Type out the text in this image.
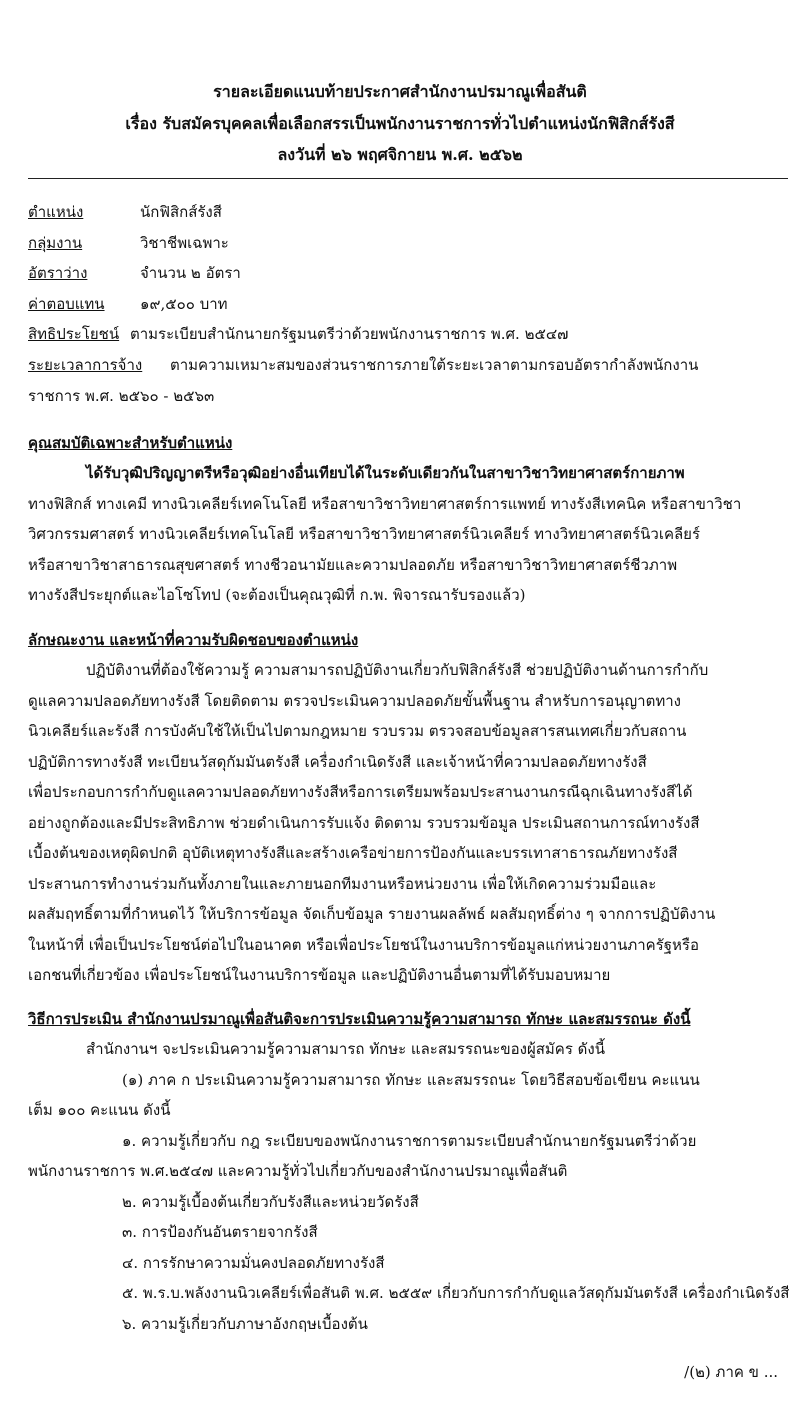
รายละเอียดแนบท้ายประกาศสำนักงานปรมาณูเพื่อสันติ
เรื่อง รับสมัครบุคคลเพื่อเลือกสรรเป็นพนักงานราชการทั่วไปตำแหน่งนักฟิสิกส์รังสี
ลงวันที่ ๒๖ พฤศจิกายน พ.ศ. ๒๕๖๒
ตำแหน่ง	นักฟิสิกส์รังสี
กลุ่มงาน	วิชาชีพเฉพาะ
อัตราว่าง	จำนวน ๒ อัตรา
ค่าตอบแทน ๑๙,๕๐๐ บาท
สิทธิประโยชน์ ตามระเบียบสำนักนายกรัฐมนตรีว่าด้วยพนักงานราชการ พ.ศ. ๒๕๔๗
ระยะเวลาการจ้าง ตามความเหมาะสมของส่วนราชการภายใต้ระยะเวลาตามกรอบอัตรากำลังพนักงาน
ราชการ พ.ศ. ๒๕๖๐ - ๒๕๖๓
คุณสมบัติเฉพาะสำหรับตำแหน่ง
ได้รับวุฒิปริญญาตรีหรือวุฒิอย่างอื่นเทียบได้ในระดับเดียวกันในสาขาวิชาวิทยาศาสตร์กายภาพ
ทางฟิสิกส์ ทางเคมี ทางนิวเคลียร์เทคโนโลยี หรือสาขาวิชาวิทยาศาสตร์การแพทย์ ทางรังสีเทคนิค หรือสาขาวิชา
วิศวกรรมศาสตร์ ทางนิวเคลียร์เทคโนโลยี หรือสาขาวิชาวิทยาศาสตร์นิวเคลียร์ ทางวิทยาศาสตร์นิวเคลียร์
หรือสาขาวิชาสาธารณสุขศาสตร์ ทางชีวอนามัยและความปลอดภัย หรือสาขาวิชาวิทยาศาสตร์ชีวภาพ
ทางรังสีประยุกต์และไอโซโทป (จะต้องเป็นคุณวุฒิที่ ก.พ. พิจารณารับรองแล้ว)
ลักษณะงาน และหน้าที่ความรับผิดชอบของตำแหน่ง
ปฏิบัติงานที่ต้องใช้ความรู้ ความสามารถปฏิบัติงานเกี่ยวกับฟิสิกส์รังสี ช่วยปฏิบัติงานด้านการกำกับ
ดูแลความปลอดภัยทางรังสี โดยติดตาม ตรวจประเมินความปลอดภัยขั้นพื้นฐาน สำหรับการอนุญาตทาง
นิวเคลียร์และรังสี การบังคับใช้ให้เป็นไปตามกฎหมาย รวบรวม ตรวจสอบข้อมูลสารสนเทศเกี่ยวกับสถาน
ปฏิบัติการทางรังสี ทะเบียนวัสดุกัมมันตรังสี เครื่องกำเนิดรังสี และเจ้าหน้าที่ความปลอดภัยทางรังสี
เพื่อประกอบการกำกับดูแลความปลอดภัยทางรังสีหรือการเตรียมพร้อมประสานงานกรณีฉุกเฉินทางรังสีได้
อย่างถูกต้องและมีประสิทธิภาพ ช่วยดำเนินการรับแจ้ง ติดตาม รวบรวมข้อมูล ประเมินสถานการณ์ทางรังสี
เบื้องต้นของเหตุผิดปกติ อุบัติเหตุทางรังสีและสร้างเครือข่ายการป้องกันและบรรเทาสาธารณภัยทางรังสี
ประสานการทำงานร่วมกันทั้งภายในและภายนอกทีมงานหรือหน่วยงาน เพื่อให้เกิดความร่วมมือและ
ผลสัมฤทธิ์ตามที่กำหนดไว้ ให้บริการข้อมูล จัดเก็บข้อมูล รายงานผลลัพธ์ ผลสัมฤทธิ์ต่าง ๆ จากการปฏิบัติงาน
ในหน้าที่ เพื่อเป็นประโยชน์ต่อไปในอนาคต หรือเพื่อประโยชน์ในงานบริการข้อมูลแก่หน่วยงานภาครัฐหรือ
เอกชนที่เกี่ยวข้อง เพื่อประโยชน์ในงานบริการข้อมูล และปฏิบัติงานอื่นตามที่ได้รับมอบหมาย
วิธีการประเมิน สำนักงานปรมาณูเพื่อสันติจะการประเมินความรู้ความสามารถ ทักษะ และสมรรถนะ ดังนี้
สำนักงานฯ จะประเมินความรู้ความสามารถ ทักษะ และสมรรถนะของผู้สมัคร ดังนี้
(๑) ภาค ก ประเมินความรู้ความสามารถ ทักษะ และสมรรถนะ โดยวิธีสอบข้อเขียน คะแนน
เต็ม ๑๐๐ คะแนน ดังนี้
๑. ความรู้เกี่ยวกับ กฎ ระเบียบของพนักงานราชการตามระเบียบสำนักนายกรัฐมนตรีว่าด้วย
พนักงานราชการ พ.ศ.๒๕๔๗ และความรู้ทั่วไปเกี่ยวกับของสำนักงานปรมาณูเพื่อสันติ
๒. ความรู้เบื้องต้นเกี่ยวกับรังสีและหน่วยวัดรังสี
๓. การป้องกันอันตรายจากรังสี
๔. การรักษาความมั่นคงปลอดภัยทางรังสี
๕. พ.ร.บ.พลังงานนิวเคลียร์เพื่อสันติ พ.ศ. ๒๕๕๙ เกี่ยวกับการกำกับดูแลวัสดุกัมมันตรังสี เครื่องกำเนิดรังสี
๖. ความรู้เกี่ยวกับภาษาอังกฤษเบื้องต้น
/(๒) ภาค ข ...
